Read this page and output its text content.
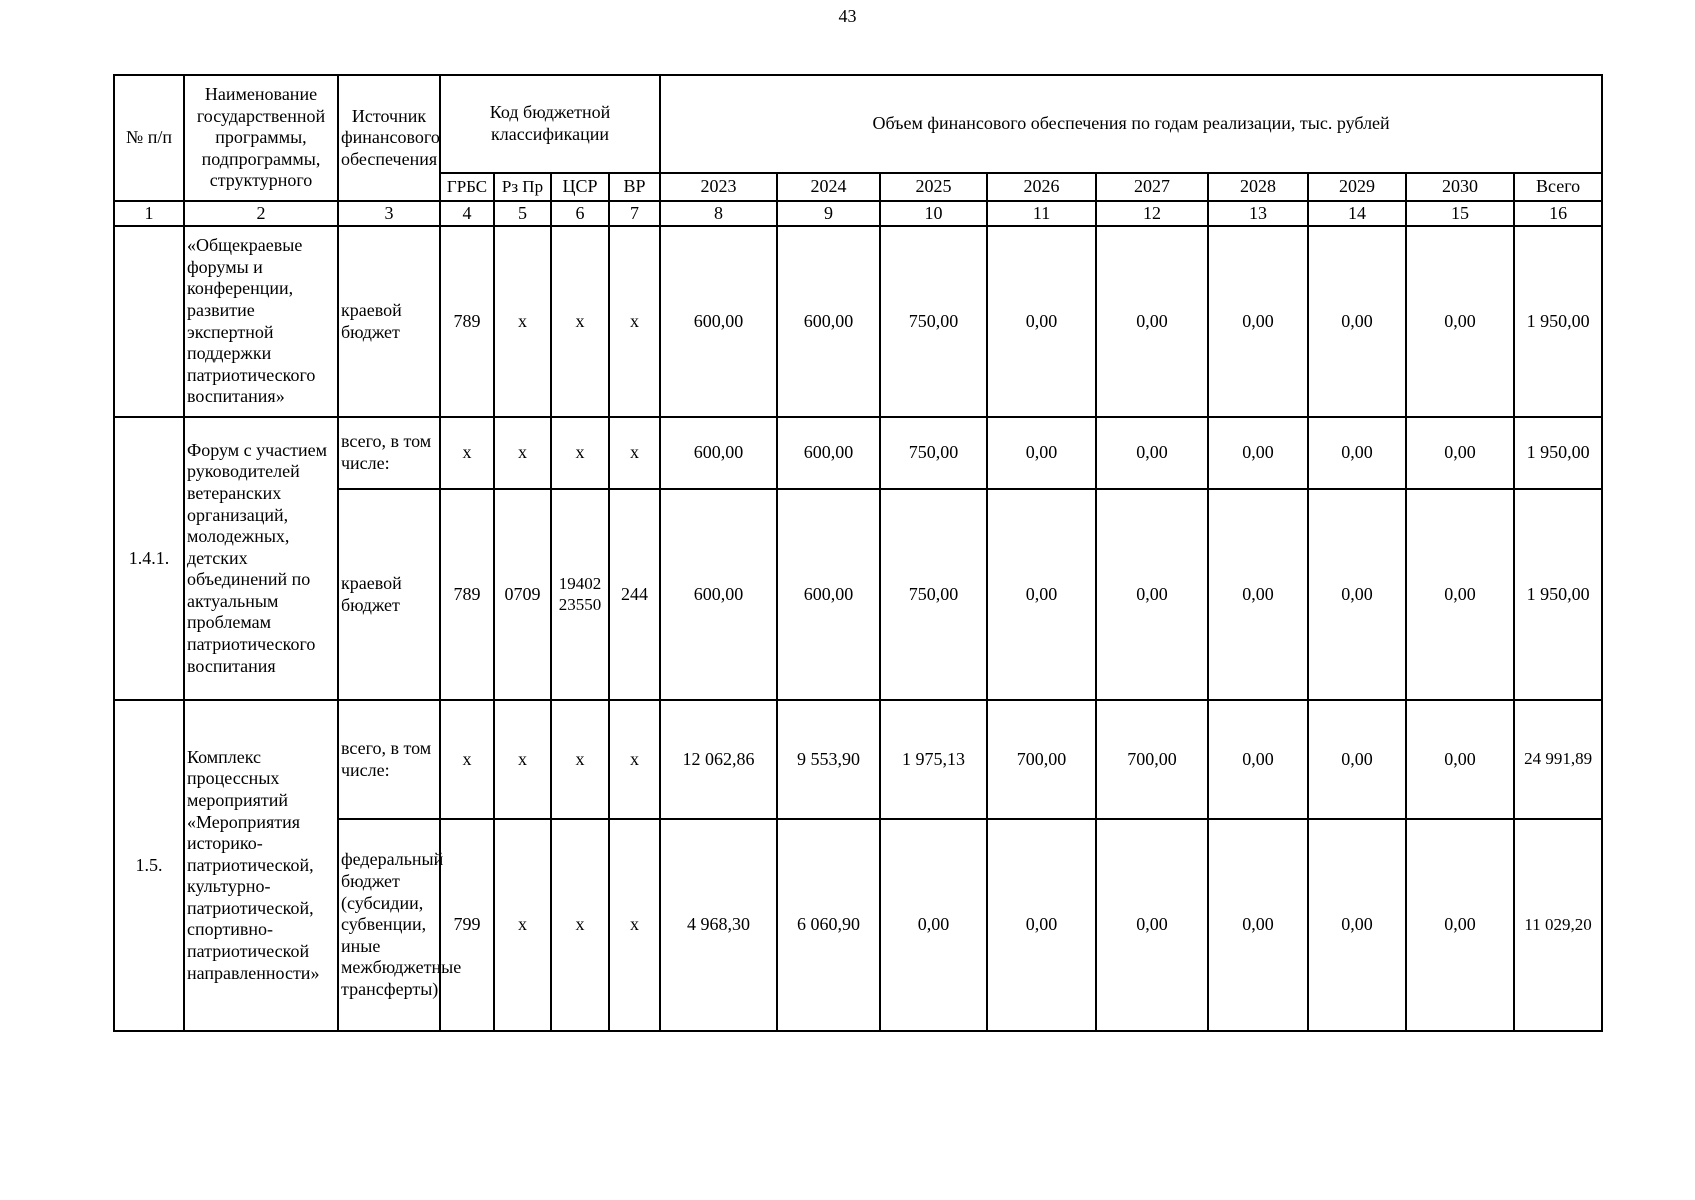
43
№ п/п	Наименование государственной программы, подпрограммы, структурного	Источник финансового обеспечения	Код бюджетной классификации				Объем финансового обеспечения по годам реализации, тыс. рублей								
			ГРБС	Рз Пр	ЦСР	ВР	2023	2024	2025	2026	2027	2028	2029	2030	Всего
1	2	3	4	5	6	7	8	9	10	11	12	13	14	15	16
	«Общекраевые форумы и конференции, развитие экспертной поддержки патриотического воспитания»	краевой бюджет	789	x	x	x	600,00	600,00	750,00	0,00	0,00	0,00	0,00	0,00	1 950,00
1.4.1.	Форум с участием руководителей ветеранских организаций, молодежных, детских объединений по актуальным проблемам патриотического воспитания	всего, в том числе:	x	x	x	x	600,00	600,00	750,00	0,00	0,00	0,00	0,00	0,00	1 950,00
		краевой бюджет	789	0709	19402 23550	244	600,00	600,00	750,00	0,00	0,00	0,00	0,00	0,00	1 950,00
1.5.	Комплекс процессных мероприятий «Мероприятия историко-патриотической, культурно-патриотической, спортивно-патриотической направленности»	всего, в том числе:	x	x	x	x	12 062,86	9 553,90	1 975,13	700,00	700,00	0,00	0,00	0,00	24 991,89
		федеральный бюджет (субсидии, субвенции, иные межбюджетные трансферты)	799	x	x	x	4 968,30	6 060,90	0,00	0,00	0,00	0,00	0,00	0,00	11 029,20
